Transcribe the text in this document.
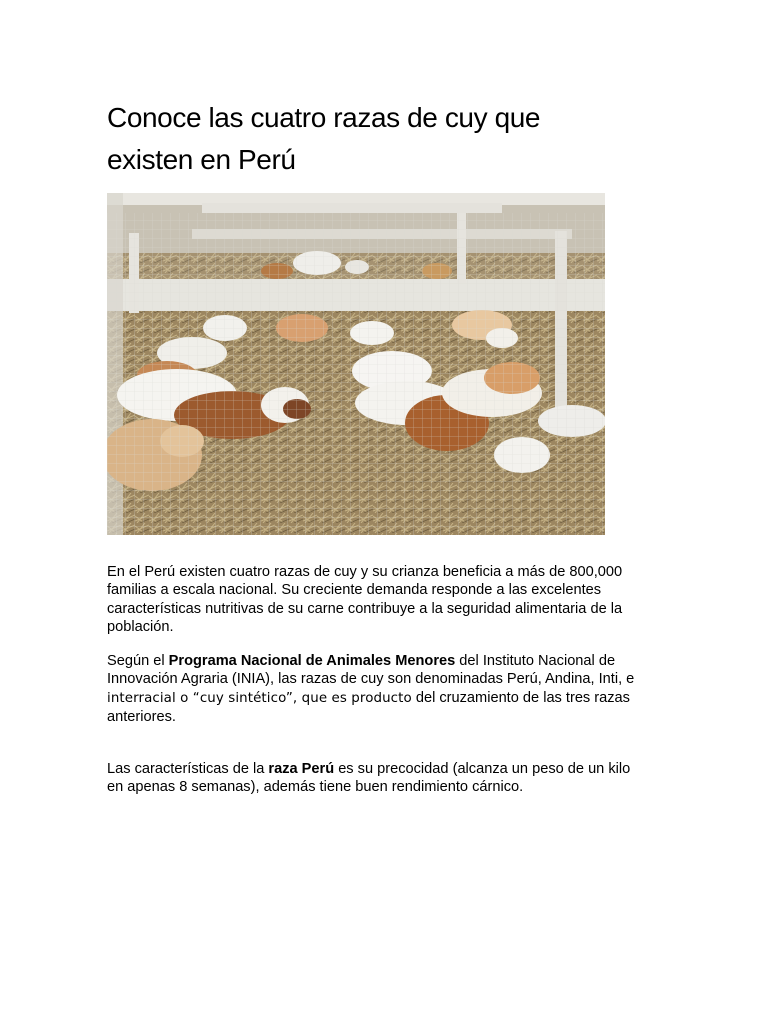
Conoce las cuatro razas de cuy que
existen en Perú

En el Perú existen cuatro razas de cuy y su crianza beneficia a más de 800,000 familias a escala nacional. Su creciente demanda responde a las excelentes características nutritivas de su carne contribuye a la seguridad alimentaria de la población.

Según el Programa Nacional de Animales Menores del Instituto Nacional de Innovación Agraria (INIA), las razas de cuy son denominadas Perú, Andina, Inti, e interracial o “cuy sintético”, que es producto del cruzamiento de las tres razas anteriores.

Las características de la raza Perú es su precocidad (alcanza un peso de un kilo en apenas 8 semanas), además tiene buen rendimiento cárnico.
